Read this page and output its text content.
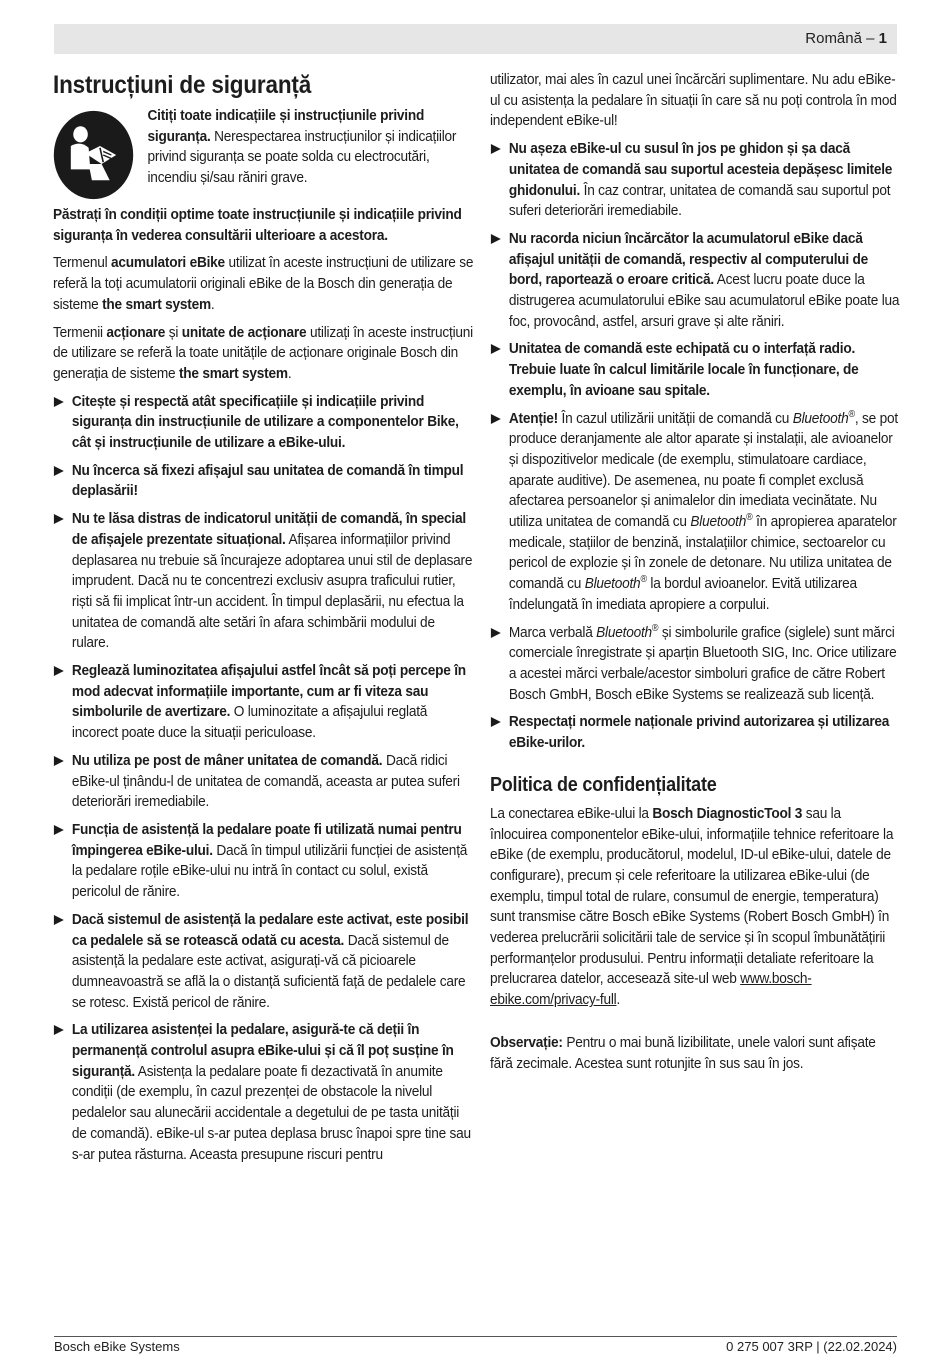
Română – 1
Instrucțiuni de siguranță
Citiți toate indicațiile și instrucțiunile privind siguranța. Nerespectarea instrucțiunilor și indicațiilor privind siguranța se poate solda cu electrocutări, incendiu și/sau răniri grave.

Păstrați în condiții optime toate instrucțiunile și indicațiile privind siguranța în vederea consultării ulterioare a acestora.

Termenul acumulatori eBike utilizat în aceste instrucțiuni de utilizare se referă la toți acumulatorii originali eBike de la Bosch din generația de sisteme the smart system.

Termenii acționare și unitate de acționare utilizați în aceste instrucțiuni de utilizare se referă la toate unitățile de acționare originale Bosch din generația de sisteme the smart system.

Citește și respectă atât specificațiile și indicațiile privind siguranța din instrucțiunile de utilizare a componentelor Bike, cât și instrucțiunile de utilizare a eBike-ului.
Nu încerca să fixezi afișajul sau unitatea de comandă în timpul deplasării!
Nu te lăsa distras de indicatorul unității de comandă, în special de afișajele prezentate situațional. Afișarea informațiilor privind deplasarea nu trebuie să încurajeze adoptarea unui stil de deplasare imprudent. Dacă nu te concentrezi exclusiv asupra traficului rutier, riști să fii implicat într-un accident. În timpul deplasării, nu efectua la unitatea de comandă alte setări în afara schimbării modului de rulare.
Reglează luminozitatea afișajului astfel încât să poți percepe în mod adecvat informațiile importante, cum ar fi viteza sau simbolurile de avertizare. O luminozitate a afișajului reglată incorect poate duce la situații periculoase.
Nu utiliza pe post de mâner unitatea de comandă. Dacă ridici eBike-ul ținându-l de unitatea de comandă, aceasta ar putea suferi deteriorări iremediabile.
Funcția de asistență la pedalare poate fi utilizată numai pentru împingerea eBike-ului. Dacă în timpul utilizării funcției de asistență la pedalare roțile eBike-ului nu intră în contact cu solul, există pericolul de rănire.
Dacă sistemul de asistență la pedalare este activat, este posibil ca pedalele să se rotească odată cu acesta. Dacă sistemul de asistență la pedalare este activat, asigurați-vă că picioarele dumneavoastră se află la o distanță suficientă față de pedalele care se rotesc. Există pericol de rănire.
La utilizarea asistenței la pedalare, asigură-te că deții în permanență controlul asupra eBike-ului și că îl poț susține în siguranță. Asistența la pedalare poate fi dezactivată în anumite condiții (de exemplu, în cazul prezenței de obstacole la nivelul pedalelor sau alunecării accidentale a degetului de pe tasta unității de comandă). eBike-ul s-ar putea deplasa brusc înapoi spre tine sau s-ar putea răsturna. Aceasta presupune riscuri pentru

utilizator, mai ales în cazul unei încărcări suplimentare. Nu adu eBike-ul cu asistența la pedalare în situații în care să nu poți controla în mod independent eBike-ul!

Nu așeza eBike-ul cu susul în jos pe ghidon și șa dacă unitatea de comandă sau suportul acesteia depășesc limitele ghidonului. În caz contrar, unitatea de comandă sau suportul pot suferi deteriorări iremediabile.
Nu racorda niciun încărcător la acumulatorul eBike dacă afișajul unității de comandă, respectiv al computerului de bord, raportează o eroare critică. Acest lucru poate duce la distrugerea acumulatorului eBike sau acumulatorul eBike poate lua foc, provocând, astfel, arsuri grave și alte răniri.
Unitatea de comandă este echipată cu o interfață radio. Trebuie luate în calcul limitările locale în funcționare, de exemplu, în avioane sau spitale.
Atenție! În cazul utilizării unității de comandă cu Bluetooth®, se pot produce deranjamente ale altor aparate și instalații, ale avioanelor și dispozitivelor medicale (de exemplu, stimulatoare cardiace, aparate auditive). De asemenea, nu poate fi complet exclusă afectarea persoanelor și animalelor din imediata vecinătate. Nu utiliza unitatea de comandă cu Bluetooth® în apropierea aparatelor medicale, stațiilor de benzină, instalațiilor chimice, sectoarelor cu pericol de explozie și în zonele de detonare. Nu utiliza unitatea de comandă cu Bluetooth® la bordul avioanelor. Evită utilizarea îndelungată în imediata apropiere a corpului.
Marca verbală Bluetooth® și simbolurile grafice (siglele) sunt mărci comerciale înregistrate și aparțin Bluetooth SIG, Inc. Orice utilizare a acestei mărci verbale/acestor simboluri grafice de către Robert Bosch GmbH, Bosch eBike Systems se realizează sub licență.
Respectați normele naționale privind autorizarea și utilizarea eBike-urilor.
Politica de confidențialitate

La conectarea eBike-ului la Bosch DiagnosticTool 3 sau la înlocuirea componentelor eBike-ului, informațiile tehnice referitoare la eBike (de exemplu, producătorul, modelul, ID-ul eBike-ului, datele de configurare), precum și cele referitoare la utilizarea eBike-ului (de exemplu, timpul total de rulare, consumul de energie, temperatura) sunt transmise către Bosch eBike Systems (Robert Bosch GmbH) în vederea prelucrării solicitării tale de service și în scopul îmbunătățirii performanțelor produsului. Pentru informații detaliate referitoare la prelucrarea datelor, accesează site-ul web www.bosch-ebike.com/privacy-full.

Observație: Pentru o mai bună lizibilitate, unele valori sunt afișate fără zecimale. Acestea sunt rotunjite în sus sau în jos.

Bosch eBike Systems	0 275 007 3RP | (22.02.2024)
